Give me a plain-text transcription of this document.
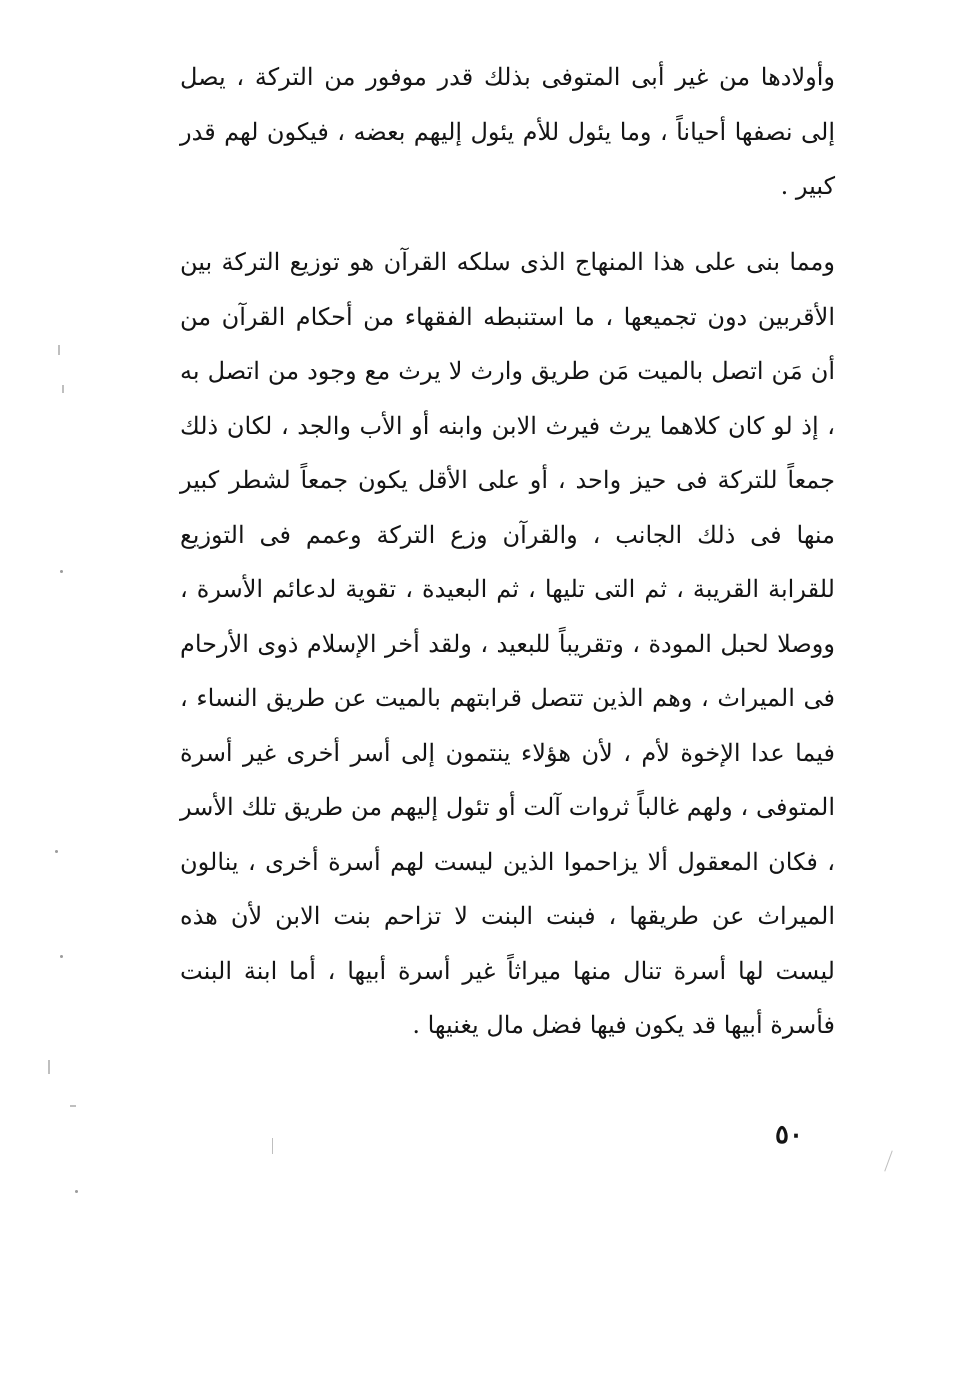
وأولادها من غير أبى المتوفى بذلك قدر موفور من التركة ، يصل إلى نصفها أحياناً ، وما يئول للأم يئول إليهم بعضه ، فيكون لهم قدر كبير .

ومما بنى على هذا المنهاج الذى سلكه القرآن هو توزيع التركة بين الأقربين دون تجميعها ، ما استنبطه الفقهاء من أحكام القرآن من أن مَن اتصل بالميت مَن طريق وارث لا يرث مع وجود من اتصل به ، إذ لو كان كلاهما يرث فيرث الابن وابنه أو الأب والجد ، لكان ذلك جمعاً للتركة فى حيز واحد ، أو على الأقل يكون جمعاً لشطر كبير منها فى ذلك الجانب ، والقرآن وزع التركة وعمم فى التوزيع للقرابة القريبة ، ثم التى تليها ، ثم البعيدة ، تقوية لدعائم الأسرة ، ووصلا لحبل المودة ، وتقريباً للبعيد ، ولقد أخر الإسلام ذوى الأرحام فى الميراث ، وهم الذين تتصل قرابتهم بالميت عن طريق النساء ، فيما عدا الإخوة لأم ، لأن هؤلاء ينتمون إلى أسر أخرى غير أسرة المتوفى ، ولهم غالباً ثروات آلت أو تئول إليهم من طريق تلك الأسر ، فكان المعقول ألا يزاحموا الذين ليست لهم أسرة أخرى ، ينالون الميراث عن طريقها ، فبنت البنت لا تزاحم بنت الابن لأن هذه ليست لها أسرة تنال منها ميراثاً غير أسرة أبيها ، أما ابنة البنت فأسرة أبيها قد يكون فيها فضل مال يغنيها .

٥٠
